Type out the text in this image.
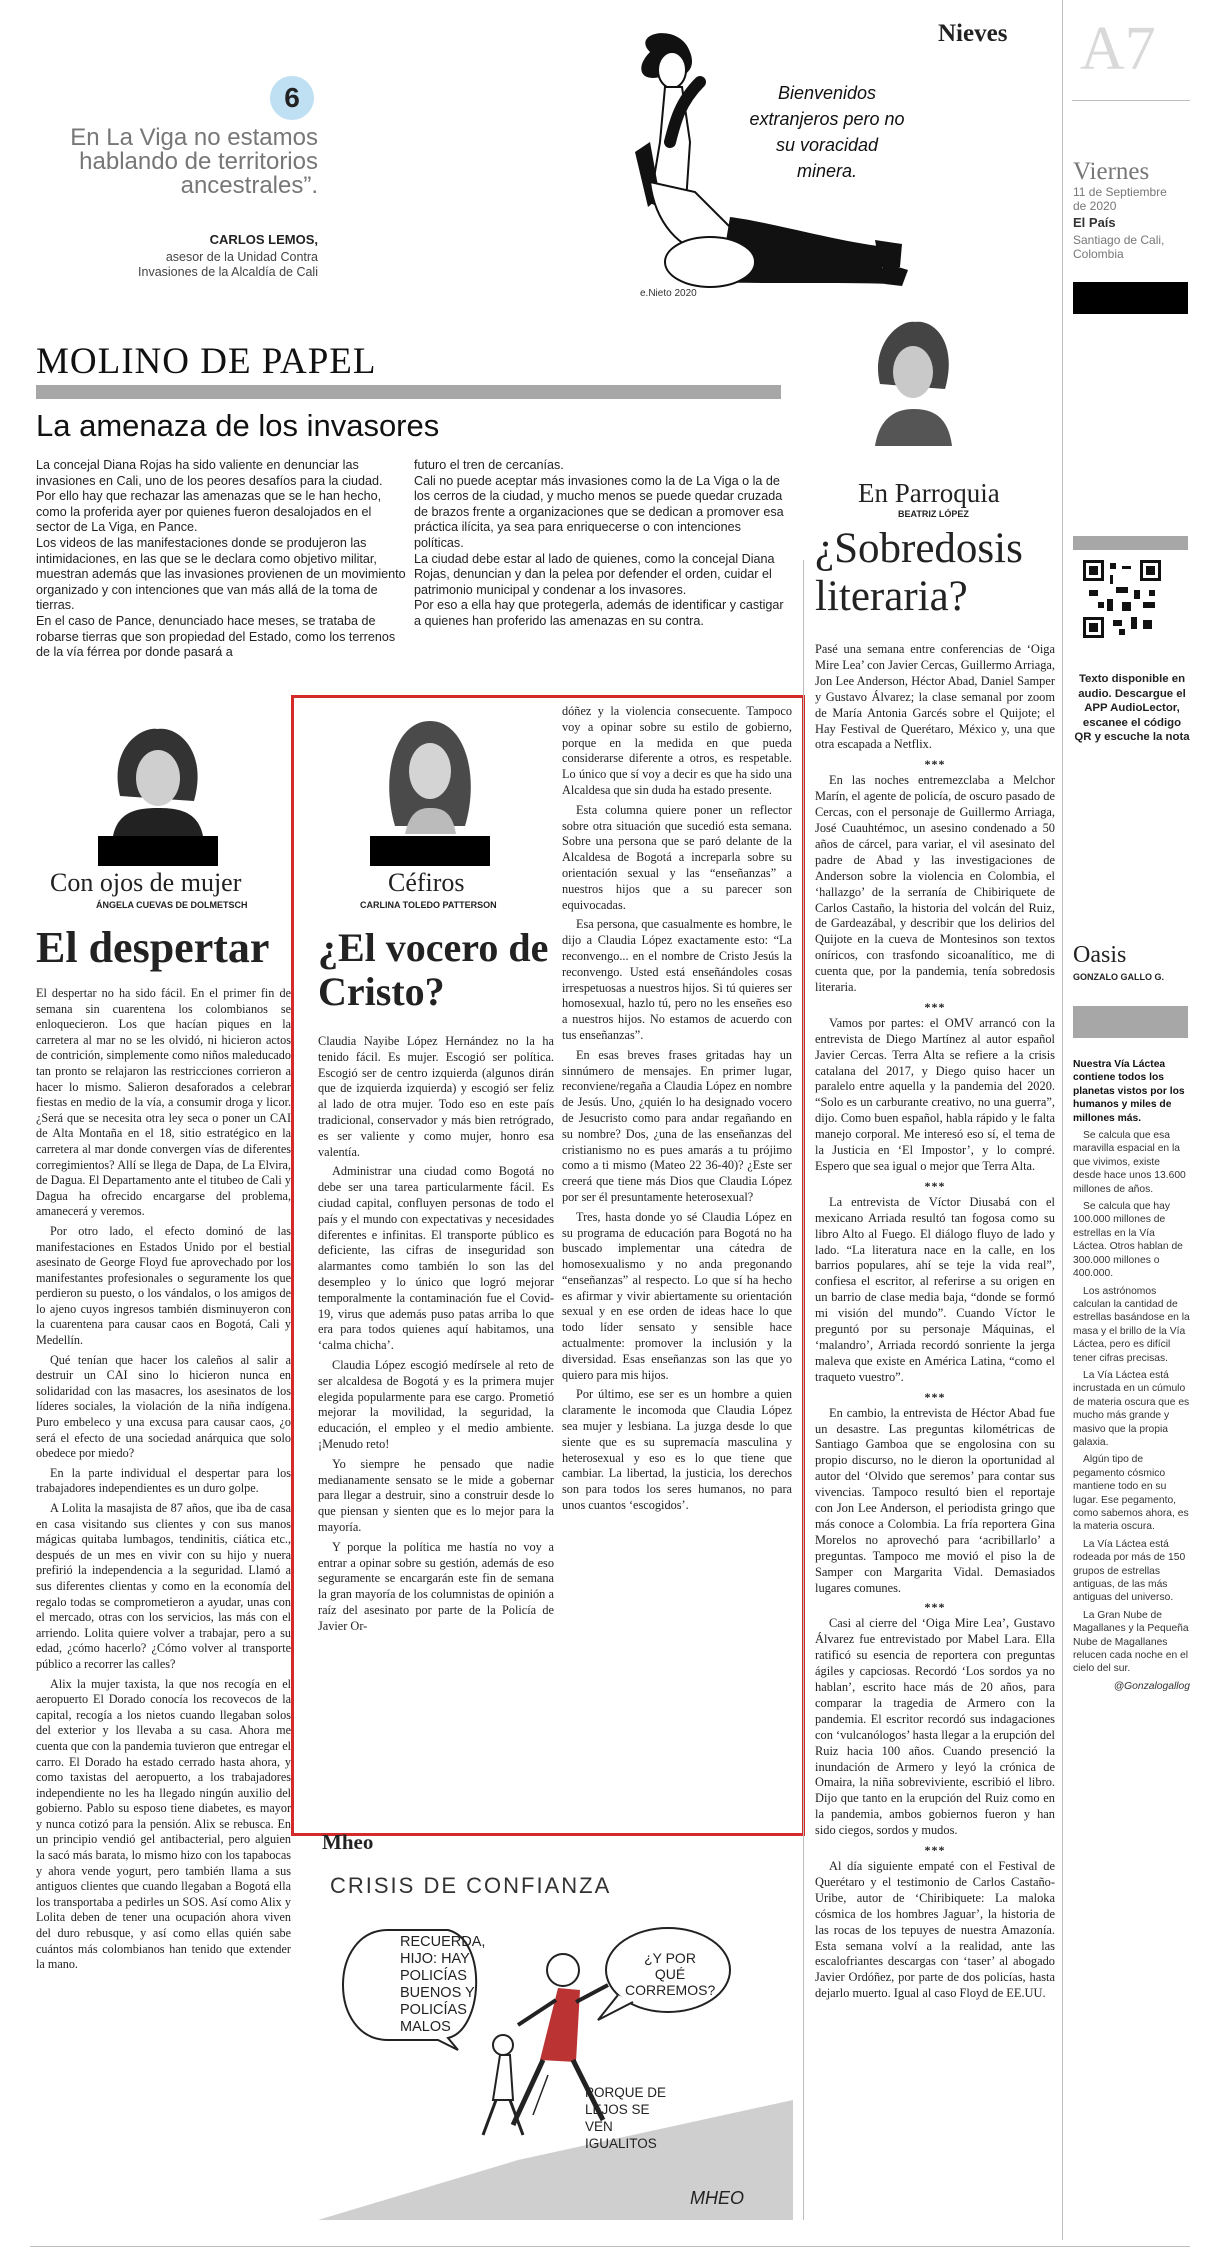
Nieves A7
Viernes
11 de Septiembre
de 2020
El País
Santiago de Cali,
Colombia
6
En La Viga no estamos hablando de territorios ancestrales”.
CARLOS LEMOS,
asesor de la Unidad Contra
Invasiones de la Alcaldía de Cali
Bienvenidos
extranjeros pero no
su voracidad
minera.
e.Nieto 2020
MOLINO DE PAPEL
La amenaza de los invasores
La concejal Diana Rojas ha sido valiente en denunciar las invasiones en Cali, uno de los peores desafíos para la ciudad.
Por ello hay que rechazar las amenazas que se le han hecho, como la proferida ayer por quienes fueron desalojados en el sector de La Viga, en Pance.
Los videos de las manifestaciones donde se produjeron las intimidaciones, en las que se le declara como objetivo militar, muestran además que las invasiones provienen de un movimiento organizado y con intenciones que van más allá de la toma de tierras.
En el caso de Pance, denunciado hace meses, se trataba de robarse tierras que son propiedad del Estado, como los terrenos de la vía férrea por donde pasará a
futuro el tren de cercanías.
Cali no puede aceptar más invasiones como la de La Viga o la de los cerros de la ciudad, y mucho menos se puede quedar cruzada de brazos frente a organizaciones que se dedican a promover esa práctica ilícita, ya sea para enriquecerse o con intenciones políticas.
La ciudad debe estar al lado de quienes, como la concejal Diana Rojas, denuncian y dan la pelea por defender el orden, cuidar el patrimonio municipal y condenar a los invasores.
Por eso a ella hay que protegerla, además de identificar y castigar a quienes han proferido las amenazas en su contra.
En Parroquia
BEATRIZ LÓPEZ
¿Sobredosis literaria?

Pasé una semana entre conferencias de ‘Oiga Mire Lea’ con Javier Cercas, Guillermo Arriaga, Jon Lee Anderson, Héctor Abad, Daniel Samper y Gustavo Álvarez; la clase semanal por zoom de María Antonia Garcés sobre el Quijote; el Hay Festival de Querétaro, México y, una que otra escapada a Netflix.

***

En las noches entremezclaba a Melchor Marín, el agente de policía, de oscuro pasado de Cercas, con el personaje de Guillermo Arriaga, José Cuauhtémoc, un asesino condenado a 50 años de cárcel, para variar, el vil asesinato del padre de Abad y las investigaciones de Anderson sobre la violencia en Colombia, el ‘hallazgo’ de la serranía de Chibiriquete de Carlos Castaño, la historia del volcán del Ruiz, de Gardeazábal, y describir que los delirios del Quijote en la cueva de Montesinos son textos oníricos, con trasfondo sicoanalítico, me di cuenta que, por la pandemia, tenía sobredosis literaria.

***

Vamos por partes: el OMV arrancó con la entrevista de Diego Martínez al autor español Javier Cercas. Terra Alta se refiere a la crisis catalana del 2017, y Diego quiso hacer un paralelo entre aquella y la pandemia del 2020. “Solo es un carburante creativo, no una guerra”, dijo. Como buen español, habla rápido y le falta manejo corporal. Me interesó eso sí, el tema de la Justicia en ‘El Impostor’, y lo compré. Espero que sea igual o mejor que Terra Alta.

***

La entrevista de Víctor Diusabá con el mexicano Arriada resultó tan fogosa como su libro Alto al Fuego. El diálogo fluyo de lado y lado. “La literatura nace en la calle, en los barrios populares, ahí se teje la vida real”, confiesa el escritor, al referirse a su origen en un barrio de clase media baja, “donde se formó mi visión del mundo”. Cuando Víctor le preguntó por su personaje Máquinas, el ‘malandro’, Arriada recordó sonriente la jerga maleva que existe en América Latina, “como el traqueto vuestro”.

***

En cambio, la entrevista de Héctor Abad fue un desastre. Las preguntas kilométricas de Santiago Gamboa que se engolosina con su propio discurso, no le dieron la oportunidad al autor del ‘Olvido que seremos’ para contar sus vivencias. Tampoco resultó bien el reportaje con Jon Lee Anderson, el periodista gringo que más conoce a Colombia. La fría reportera Gina Morelos no aprovechó para ‘acribillarlo’ a preguntas. Tampoco me movió el piso la de Samper con Margarita Vidal. Demasiados lugares comunes.

***

Casi al cierre del ‘Oiga Mire Lea’, Gustavo Álvarez fue entrevistado por Mabel Lara. Ella ratificó su esencia de reportera con preguntas ágiles y capciosas. Recordó ‘Los sordos ya no hablan’, escrito hace más de 20 años, para comparar la tragedia de Armero con la pandemia. El escritor recordó sus indagaciones con ‘vulcanólogos’ hasta llegar a la erupción del Ruiz hacia 100 años. Cuando presenció la inundación de Armero y leyó la crónica de Omaira, la niña sobreviviente, escribió el libro. Dijo que tanto en la erupción del Ruiz como en la pandemia, ambos gobiernos fueron y han sido ciegos, sordos y mudos.

***

Al día siguiente empaté con el Festival de Querétaro y el testimonio de Carlos Castaño-Uribe, autor de ‘Chiribiquete: La maloka cósmica de los hombres Jaguar’, la historia de las rocas de los tepuyes de nuestra Amazonía. Esta semana volví a la realidad, ante las escalofriantes descargas con ‘taser’ al abogado Javier Ordóñez, por parte de dos policías, hasta dejarlo muerto. Igual al caso Floyd de EE.UU.

Texto disponible en audio. Descargue el APP AudioLector, escanee el código QR y escuche la nota
Oasis
GONZALO GALLO G.
Nuestra Vía Láctea contiene todos los planetas vistos por los humanos y miles de millones más.
Se calcula que esa maravilla espacial en la que vivimos, existe desde hace unos 13.600 millones de años.
Se calcula que hay 100.000 millones de estrellas en la Vía Láctea. Otros hablan de 300.000 millones o 400.000.
Los astrónomos calculan la cantidad de estrellas basándose en la masa y el brillo de la Vía Láctea, pero es difícil tener cifras precisas.
La Vía Láctea está incrustada en un cúmulo de materia oscura que es mucho más grande y masivo que la propia galaxia.
Algún tipo de pegamento cósmico mantiene todo en su lugar. Ese pegamento, como sabemos ahora, es la materia oscura.
La Vía Láctea está rodeada por más de 150 grupos de estrellas antiguas, de las más antiguas del universo.
La Gran Nube de Magallanes y la Pequeña Nube de Magallanes relucen cada noche en el cielo del sur.
@Gonzalogallog
Con ojos de mujer
ÁNGELA CUEVAS DE DOLMETSCH
El despertar

El despertar no ha sido fácil. En el primer fin de semana sin cuarentena los colombianos se enloquecieron. Los que hacían piques en la carretera al mar no se les olvidó, ni hicieron actos de contrición, simplemente como niños maleducado tan pronto se relajaron las restricciones corrieron a hacer lo mismo. Salieron desaforados a celebrar fiestas en medio de la vía, a consumir droga y licor. ¿Será que se necesita otra ley seca o poner un CAI de Alta Montaña en el 18, sitio estratégico en la carretera al mar donde convergen vías de diferentes corregimientos? Allí se llega de Dapa, de La Elvira, de Dagua. El Departamento ante el titubeo de Cali y Dagua ha ofrecido encargarse del problema, amanecerá y veremos.

Por otro lado, el efecto dominó de las manifestaciones en Estados Unido por el bestial asesinato de George Floyd fue aprovechado por los manifestantes profesionales o seguramente los que perdieron su puesto, o los vándalos, o los amigos de lo ajeno cuyos ingresos también disminuyeron con la cuarentena para causar caos en Bogotá, Cali y Medellín.

Qué tenían que hacer los caleños al salir a destruir un CAI sino lo hicieron nunca en solidaridad con las masacres, los asesinatos de los líderes sociales, la violación de la niña indígena. Puro embeleco y una excusa para causar caos, ¿o será el efecto de una sociedad anárquica que solo obedece por miedo?

En la parte individual el despertar para los trabajadores independientes es un duro golpe.

A Lolita la masajista de 87 años, que iba de casa en casa visitando sus clientes y con sus manos mágicas quitaba lumbagos, tendinitis, ciática etc., después de un mes en vivir con su hijo y nuera prefirió la independencia a la seguridad. Llamó a sus diferentes clientas y como en la economía del regalo todas se comprometieron a ayudar, unas con el mercado, otras con los servicios, las más con el arriendo. Lolita quiere volver a trabajar, pero a su edad, ¿cómo hacerlo? ¿Cómo volver al transporte público a recorrer las calles?

Alix la mujer taxista, la que nos recogía en el aeropuerto El Dorado conocía los recovecos de la capital, recogía a los nietos cuando llegaban solos del exterior y los llevaba a su casa. Ahora me cuenta que con la pandemia tuvieron que entregar el carro. El Dorado ha estado cerrado hasta ahora, y como taxistas del aeropuerto, a los trabajadores independiente no les ha llegado ningún auxilio del gobierno. Pablo su esposo tiene diabetes, es mayor y nunca cotizó para la pensión. Alix se rebusca. En un principio vendió gel antibacterial, pero alguien la sacó más barata, lo mismo hizo con los tapabocas y ahora vende yogurt, pero también llama a sus antiguos clientes que cuando llegaban a Bogotá ella los transportaba a pedirles un SOS. Así como Alix y Lolita deben de tener una ocupación ahora viven del duro rebusque, y así como ellas quién sabe cuántos más colombianos han tenido que extender la mano.

Céfiros
CARLINA TOLEDO PATTERSON
¿El vocero de Cristo?

Claudia Nayibe López Hernández no la ha tenido fácil. Es mujer. Escogió ser política. Escogió ser de centro izquierda (algunos dirán que de izquierda izquierda) y escogió ser feliz al lado de otra mujer. Todo eso en este país tradicional, conservador y más bien retrógrado, es ser valiente y como mujer, honro esa valentía.

Administrar una ciudad como Bogotá no debe ser una tarea particularmente fácil. Es ciudad capital, confluyen personas de todo el país y el mundo con expectativas y necesidades diferentes e infinitas. El transporte público es deficiente, las cifras de inseguridad son alarmantes como también lo son las del desempleo y lo único que logró mejorar temporalmente la contaminación fue el Covid-19, virus que además puso patas arriba lo que era para todos quienes aquí habitamos, una ‘calma chicha’.

Claudia López escogió medírsele al reto de ser alcaldesa de Bogotá y es la primera mujer elegida popularmente para ese cargo. Prometió mejorar la movilidad, la seguridad, la educación, el empleo y el medio ambiente. ¡Menudo reto!

Yo siempre he pensado que nadie medianamente sensato se le mide a gobernar para llegar a destruir, sino a construir desde lo que piensan y sienten que es lo mejor para la mayoría.

Y porque la política me hastía no voy a entrar a opinar sobre su gestión, además de eso seguramente se encargarán este fin de semana la gran mayoría de los columnistas de opinión a raíz del asesinato por parte de la Policía de Javier Or-

dóñez y la violencia consecuente. Tampoco voy a opinar sobre su estilo de gobierno, porque en la medida en que pueda considerarse diferente a otros, es respetable. Lo único que sí voy a decir es que ha sido una Alcaldesa que sin duda ha estado presente.

Esta columna quiere poner un reflector sobre otra situación que sucedió esta semana. Sobre una persona que se paró delante de la Alcaldesa de Bogotá a increparla sobre su orientación sexual y las “enseñanzas” a nuestros hijos que a su parecer son equivocadas.

Esa persona, que casualmente es hombre, le dijo a Claudia López exactamente esto: “La reconvengo... en el nombre de Cristo Jesús la reconvengo. Usted está enseñándoles cosas irrespetuosas a nuestros hijos. Si tú quieres ser homosexual, hazlo tú, pero no les enseñes eso a nuestros hijos. No estamos de acuerdo con tus enseñanzas”.

En esas breves frases gritadas hay un sinnúmero de mensajes. En primer lugar, reconviene/regaña a Claudia López en nombre de Jesús. Uno, ¿quién lo ha designado vocero de Jesucristo como para andar regañando en su nombre? Dos, ¿una de las enseñanzas del cristianismo no es pues amarás a tu prójimo como a ti mismo (Mateo 22 36-40)? ¿Este ser creerá que tiene más Dios que Claudia López por ser él presuntamente heterosexual?

Tres, hasta donde yo sé Claudia López en su programa de educación para Bogotá no ha buscado implementar una cátedra de homosexualismo y no anda pregonando “enseñanzas” al respecto. Lo que sí ha hecho es afirmar y vivir abiertamente su orientación sexual y en ese orden de ideas hace lo que todo líder sensato y sensible hace actualmente: promover la inclusión y la diversidad. Esas enseñanzas son las que yo quiero para mis hijos.

Por último, ese ser es un hombre a quien claramente le incomoda que Claudia López sea mujer y lesbiana. La juzga desde lo que siente que es su supremacía masculina y heterosexual y eso es lo que tiene que cambiar. La libertad, la justicia, los derechos son para todos los seres humanos, no para unos cuantos ‘escogidos’.

Mheo
CRISIS DE CONFIANZA
RECUERDA,
HIJO: HAY
POLICÍAS
BUENOS Y
POLICÍAS
MALOS
¿Y POR
QUÉ
CORREMOS?
PORQUE DE
LEJOS SE
VEN
IGUALITOS
MHEO
